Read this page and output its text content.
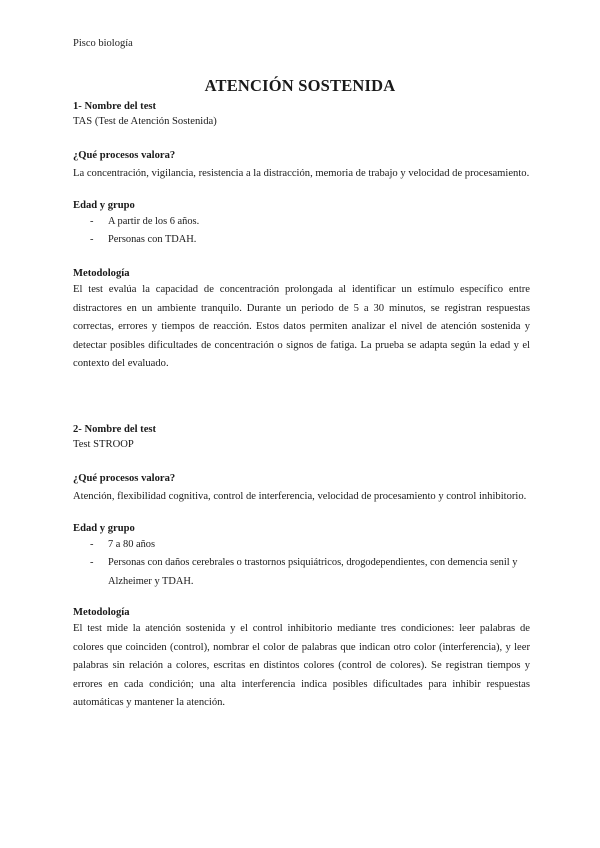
Pisco biología
ATENCIÓN SOSTENIDA
1- Nombre del test
TAS (Test de Atención Sostenida)
¿Qué procesos valora?
La concentración, vigilancia, resistencia a la distracción, memoria de trabajo y velocidad de procesamiento.
Edad y grupo
- A partir de los 6 años.
- Personas con TDAH.
Metodología
El test evalúa la capacidad de concentración prolongada al identificar un estímulo específico entre distractores en un ambiente tranquilo. Durante un periodo de 5 a 30 minutos, se registran respuestas correctas, errores y tiempos de reacción. Estos datos permiten analizar el nivel de atención sostenida y detectar posibles dificultades de concentración o signos de fatiga. La prueba se adapta según la edad y el contexto del evaluado.
2- Nombre del test
Test STROOP
¿Qué procesos valora?
Atención, flexibilidad cognitiva, control de interferencia, velocidad de procesamiento y control inhibitorio.
Edad y grupo
- 7 a 80 años
- Personas con daños cerebrales o trastornos psiquiátricos, drogodependientes, con demencia senil y Alzheimer y TDAH.
Metodología
El test mide la atención sostenida y el control inhibitorio mediante tres condiciones: leer palabras de colores que coinciden (control), nombrar el color de palabras que indican otro color (interferencia), y leer palabras sin relación a colores, escritas en distintos colores (control de colores). Se registran tiempos y errores en cada condición; una alta interferencia indica posibles dificultades para inhibir respuestas automáticas y mantener la atención.
